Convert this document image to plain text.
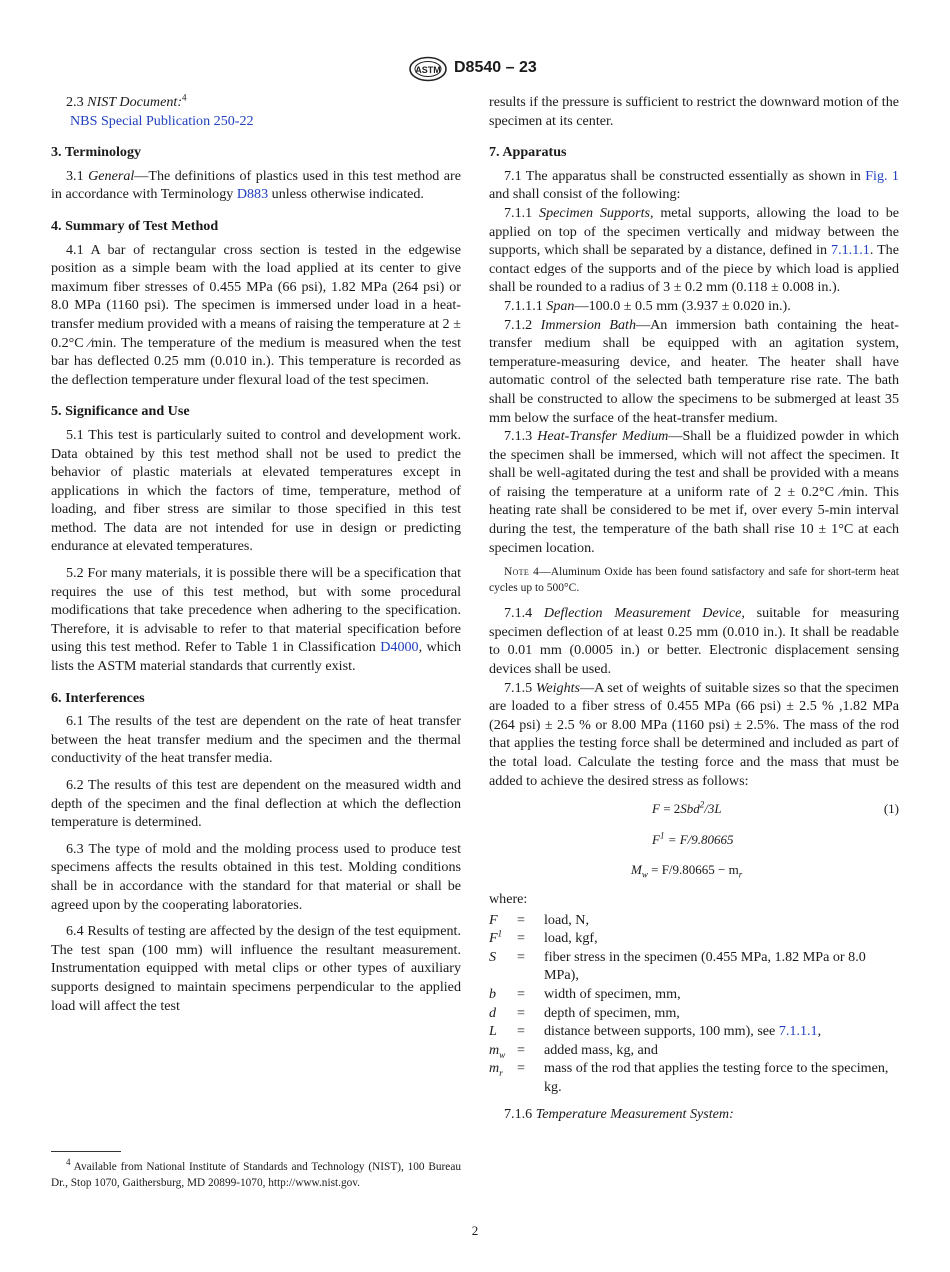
ASTM D8540 – 23

2.3 NIST Document:$^4$

NBS Special Publication 250-22

3. Terminology

3.1 General—The definitions of plastics used in this test method are in accordance with Terminology D883 unless otherwise indicated.

4. Summary of Test Method

4.1 A bar of rectangular cross section is tested in the edgewise position as a simple beam with the load applied at its center to give maximum fiber stresses of 0.455 MPa (66 psi), 1.82 MPa (264 psi) or 8.0 MPa (1160 psi). The specimen is immersed under load in a heat-transfer medium provided with a means of raising the temperature at 2 ± 0.2°C ⁄min. The temperature of the medium is measured when the test bar has deflected 0.25 mm (0.010 in.). This temperature is recorded as the deflection temperature under flexural load of the test specimen.

5. Significance and Use

5.1 This test is particularly suited to control and development work. Data obtained by this test method shall not be used to predict the behavior of plastic materials at elevated temperatures except in applications in which the factors of time, temperature, method of loading, and fiber stress are similar to those specified in this test method. The data are not intended for use in design or predicting endurance at elevated temperatures.

5.2 For many materials, it is possible there will be a specification that requires the use of this test method, but with some procedural modifications that take precedence when adhering to the specification. Therefore, it is advisable to refer to that material specification before using this test method. Refer to Table 1 in Classification D4000, which lists the ASTM material standards that currently exist.

6. Interferences

6.1 The results of the test are dependent on the rate of heat transfer between the heat transfer medium and the specimen and the thermal conductivity of the heat transfer media.

6.2 The results of this test are dependent on the measured width and depth of the specimen and the final deflection at which the deflection temperature is determined.

6.3 The type of mold and the molding process used to produce test specimens affects the results obtained in this test. Molding conditions shall be in accordance with the standard for that material or shall be agreed upon by the cooperating laboratories.

6.4 Results of testing are affected by the design of the test equipment. The test span (100 mm) will influence the resultant measurement. Instrumentation equipped with metal clips or other types of auxiliary supports designed to maintain specimens perpendicular to the applied load will affect the test

results if the pressure is sufficient to restrict the downward motion of the specimen at its center.

7. Apparatus

7.1 The apparatus shall be constructed essentially as shown in Fig. 1 and shall consist of the following:

7.1.1 Specimen Supports, metal supports, allowing the load to be applied on top of the specimen vertically and midway between the supports, which shall be separated by a distance, defined in 7.1.1.1. The contact edges of the supports and of the piece by which load is applied shall be rounded to a radius of 3 ± 0.2 mm (0.118 ± 0.008 in.).

7.1.1.1 Span—100.0 ± 0.5 mm (3.937 ± 0.020 in.).

7.1.2 Immersion Bath—An immersion bath containing the heat-transfer medium shall be equipped with an agitation system, temperature-measuring device, and heater. The heater shall have automatic control of the selected bath temperature rise rate. The bath shall be constructed to allow the specimens to be submerged at least 35 mm below the surface of the heat-transfer medium.

7.1.3 Heat-Transfer Medium—Shall be a fluidized powder in which the specimen shall be immersed, which will not affect the specimen. It shall be well-agitated during the test and shall be provided with a means of raising the temperature at a uniform rate of 2 ± 0.2°C ⁄min. This heating rate shall be considered to be met if, over every 5-min interval during the test, the temperature of the bath shall rise 10 ± 1°C at each specimen location.

Note 4—Aluminum Oxide has been found satisfactory and safe for short-term heat cycles up to 500°C.

7.1.4 Deflection Measurement Device, suitable for measuring specimen deflection of at least 0.25 mm (0.010 in.). It shall be readable to 0.01 mm (0.0005 in.) or better. Electronic displacement sensing devices shall be used.

7.1.5 Weights—A set of weights of suitable sizes so that the specimen are loaded to a fiber stress of 0.455 MPa (66 psi) ± 2.5 % ,1.82 MPa (264 psi) ± 2.5 % or 8.00 MPa (1160 psi) ± 2.5%. The mass of the rod that applies the testing force shall be determined and included as part of the total load. Calculate the testing force and the mass that must be added to achieve the desired stress as follows:

F = 2Sbd$^2$/3L	(1)
$F^1 = F/9.80665$
$M_w = F/9.80665 - m_r$

where:

F	=	load, N,
$F^1$	=	load, kgf,
S	=	fiber stress in the specimen (0.455 MPa, 1.82 MPa or 8.0 MPa),
b	=	width of specimen, mm,
d	=	depth of specimen, mm,
L	=	distance between supports, 100 mm), see 7.1.1.1,
$m_w$	=	added mass, kg, and
$m_r$	=	mass of the rod that applies the testing force to the specimen, kg.

7.1.6 Temperature Measurement System:

$^4$ Available from National Institute of Standards and Technology (NIST), 100 Bureau Dr., Stop 1070, Gaithersburg, MD 20899-1070, http://www.nist.gov.

2
